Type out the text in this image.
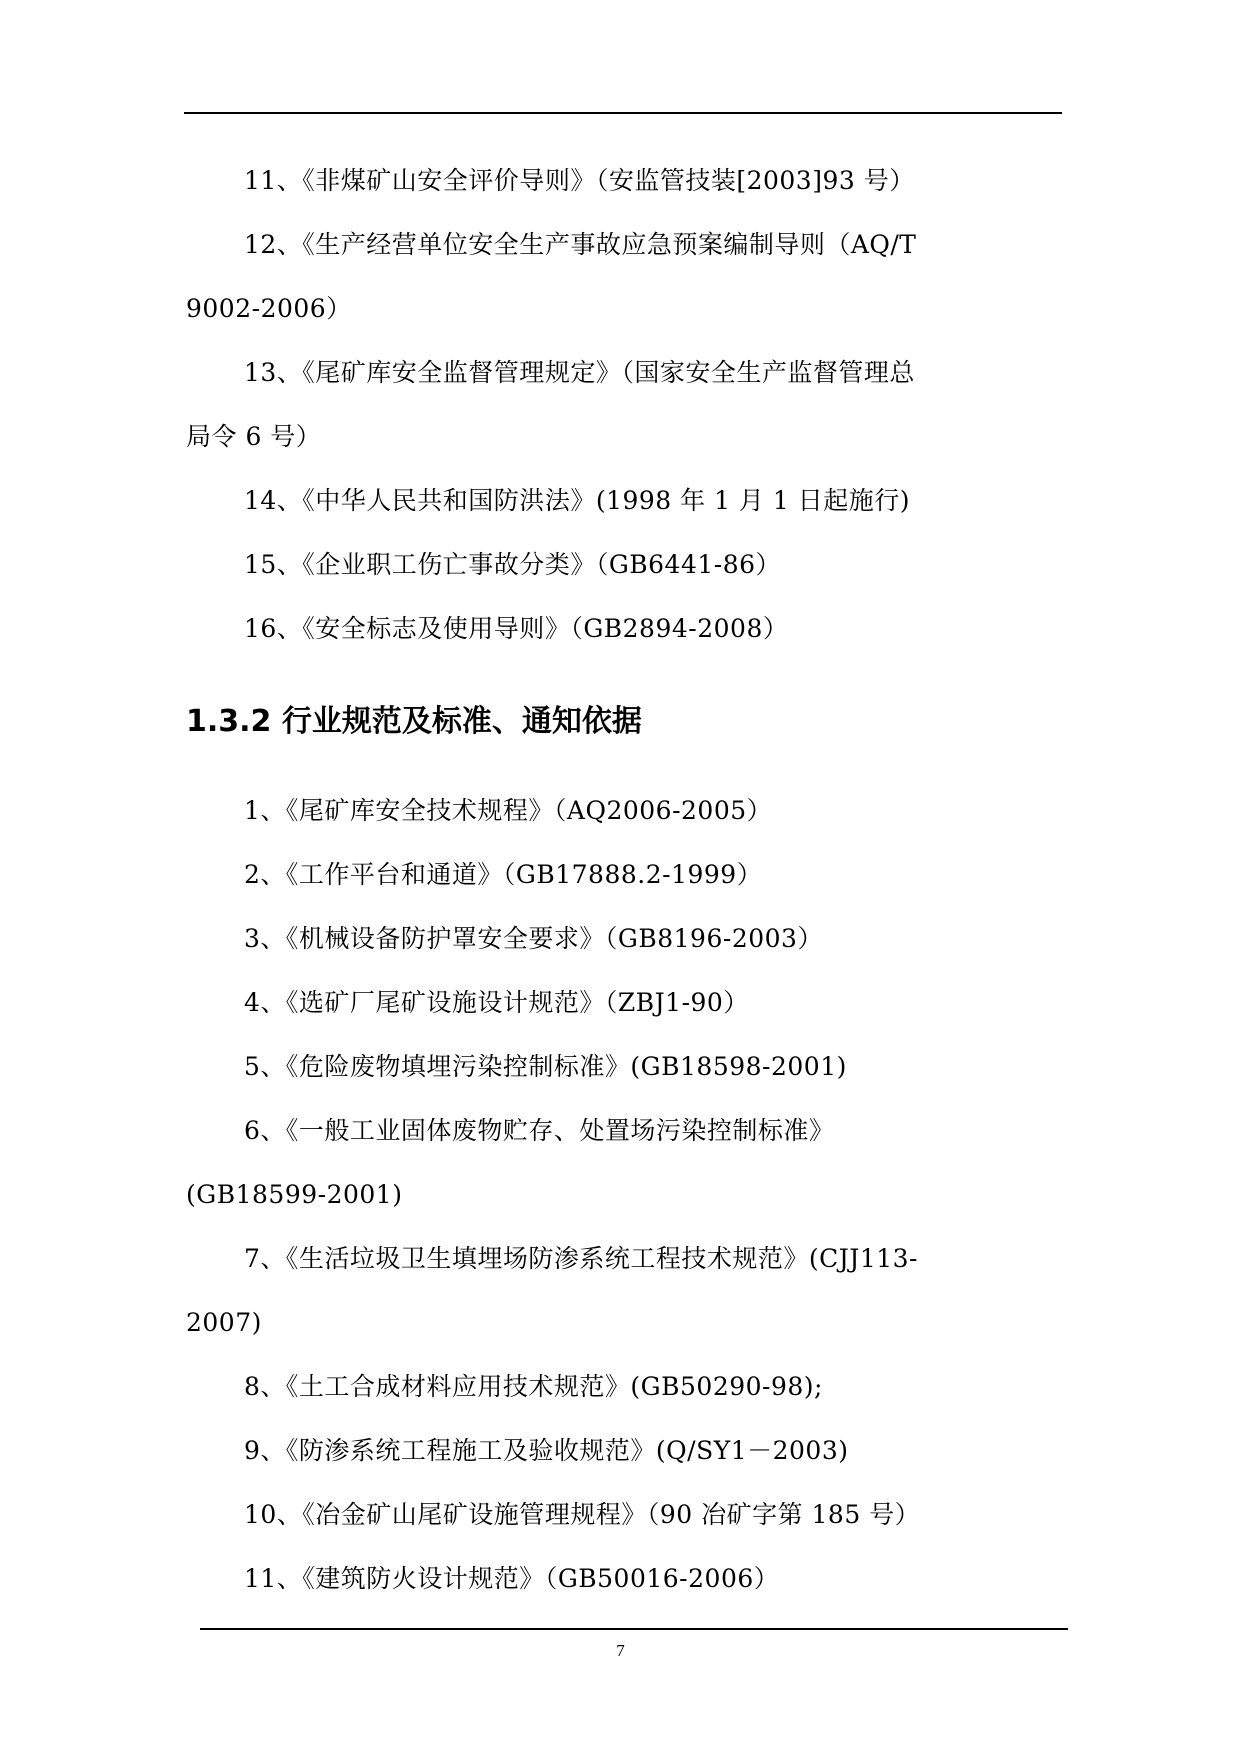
11、《非煤矿山安全评价导则》（安监管技装[2003]93 号）
12、《生产经营单位安全生产事故应急预案编制导则（AQ/T
9002-2006）
13、《尾矿库安全监督管理规定》（国家安全生产监督管理总
局令 6 号）
14、《中华人民共和国防洪法》(1998 年 1 月 1 日起施行)
15、《企业职工伤亡事故分类》（GB6441-86）
16、《安全标志及使用导则》（GB2894-2008）
1.3.2 行业规范及标准、通知依据
1、《尾矿库安全技术规程》（AQ2006-2005）
2、《工作平台和通道》（GB17888.2-1999）
3、《机械设备防护罩安全要求》（GB8196-2003）
4、《选矿厂尾矿设施设计规范》（ZBJ1-90）
5、《危险废物填埋污染控制标准》(GB18598-2001)
6、《一般工业固体废物贮存、处置场污染控制标准》
(GB18599-2001)
7、《生活垃圾卫生填埋场防渗系统工程技术规范》(CJJ113-
2007)
8、《土工合成材料应用技术规范》(GB50290-98);
9、《防渗系统工程施工及验收规范》(Q/SY1－2003)
10、《冶金矿山尾矿设施管理规程》（90 冶矿字第 185 号）
11、《建筑防火设计规范》（GB50016-2006）
7
